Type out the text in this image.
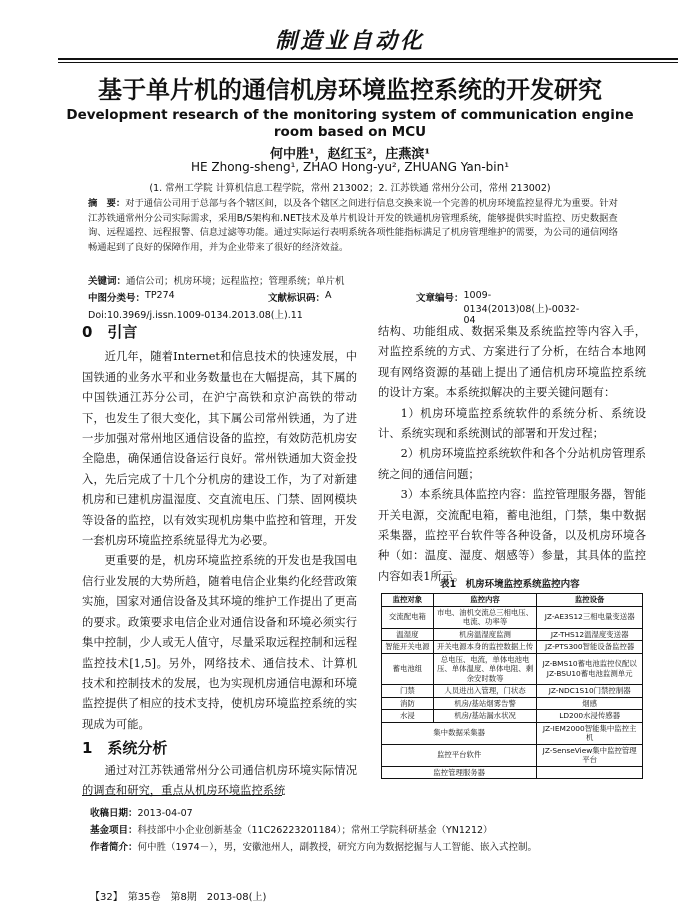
制造业自动化
基于单片机的通信机房环境监控系统的开发研究
Development research of the monitoring system of communication engine room based on MCU
何中胜¹，赵红玉²，庄燕滨¹
HE Zhong-sheng¹, ZHAO Hong-yu², ZHUANG Yan-bin¹
(1. 常州工学院 计算机信息工程学院，常州 213002；2. 江苏铁通 常州分公司，常州 213002)
摘　要：对于通信公司用于总部与各个辖区间，以及各个辖区之间进行信息交换来说一个完善的机房环境监控显得尤为重要。针对江苏铁通常州分公司实际需求，采用B/S架构和.NET技术及单片机设计开发的铁通机房管理系统，能够提供实时监控、历史数据查询、远程遥控、远程报警、信息过滤等功能。通过实际运行表明系统各项性能指标满足了机房管理维护的需要，为公司的通信网络畅通起到了良好的保障作用，并为企业带来了很好的经济效益。
关键词：通信公司；机房环境；远程监控；管理系统；单片机
中图分类号： TP274	文献标识码： A	文章编号： 1009-0134(2013)08(上)-0032-04
Doi:10.3969/j.issn.1009-0134.2013.08(上).11
0　引言

近几年，随着Internet和信息技术的快速发展，中国铁通的业务水平和业务数量也在大幅提高，其下属的中国铁通江苏分公司，在沪宁高铁和京沪高铁的带动下，也发生了很大变化，其下属公司常州铁通，为了进一步加强对常州地区通信设备的监控，有效防范机房安全隐患，确保通信设备运行良好。常州铁通加大资金投入，先后完成了十几个分机房的建设工作，为了对新建机房和已建机房温湿度、交直流电压、门禁、固网模块等设备的监控，以有效实现机房集中监控和管理，开发一套机房环境监控系统显得尤为必要。

更重要的是，机房环境监控系统的开发也是我国电信行业发展的大势所趋，随着电信企业集约化经营政策实施，国家对通信设备及其环境的维护工作提出了更高的要求。政策要求电信企业对通信设备和环境必须实行集中控制，少人或无人值守，尽量采取远程控制和远程监控技术[1,5]。另外，网络技术、通信技术、计算机技术和控制技术的发展，也为实现机房通信电源和环境监控提供了相应的技术支持，使机房环境监控系统的实现成为可能。

1　系统分析

通过对江苏铁通常州分公司通信机房环境实际情况的调查和研究，重点从机房环境监控系统

结构、功能组成、数据采集及系统监控等内容入手，对监控系统的方式、方案进行了分析，在结合本地网现有网络资源的基础上提出了通信机房环境监控系统的设计方案。本系统拟解决的主要关键问题有：

1）机房环境监控系统软件的系统分析、系统设计、系统实现和系统测试的部署和开发过程；

2）机房环境监控系统软件和各个分站机房管理系统之间的通信问题；

3）本系统具体监控内容：监控管理服务器，智能开关电源，交流配电箱，蓄电池组，门禁，集中数据采集器，监控平台软件等各种设备，以及机房环境各种（如：温度、湿度、烟感等）参量，其具体的监控内容如表1所示。

表1　机房环境监控系统监控内容
监控对象	监控内容	监控设备
交流配电箱	市电、油机交流总三相电压、电流、功率等	JZ-AE3S12三相电量变送器
温湿度	机房温湿度监测	JZ-THS12温湿度变送器
智能开关电源	开关电源本身的监控数据上传	JZ-PTS300智能设备监控器
蓄电池组	总电压、电流，单体电池电压、单体温度、单体电阻、剩余安时数等	JZ-BMS10蓄电池监控仪配以JZ-BSU10蓄电池监测单元
门禁	人员进出入管理，门状态	JZ-NDC1S10门禁控制器
消防	机房/基站烟雾告警	烟感
水浸	机房/基站漏水状况	LD200水浸传感器
集中数据采集器		JZ-IEM2000智能集中监控主机
监控平台软件		JZ-SenseView集中监控管理平台
监控管理服务器		
收稿日期：2013-04-07
基金项目：科技部中小企业创新基金（11C26223201184）；常州工学院科研基金（YN1212）
作者简介：何中胜（1974－），男，安徽池州人，副教授，研究方向为数据挖掘与人工智能、嵌入式控制。
【32】　第35卷　第8期　2013-08(上)
